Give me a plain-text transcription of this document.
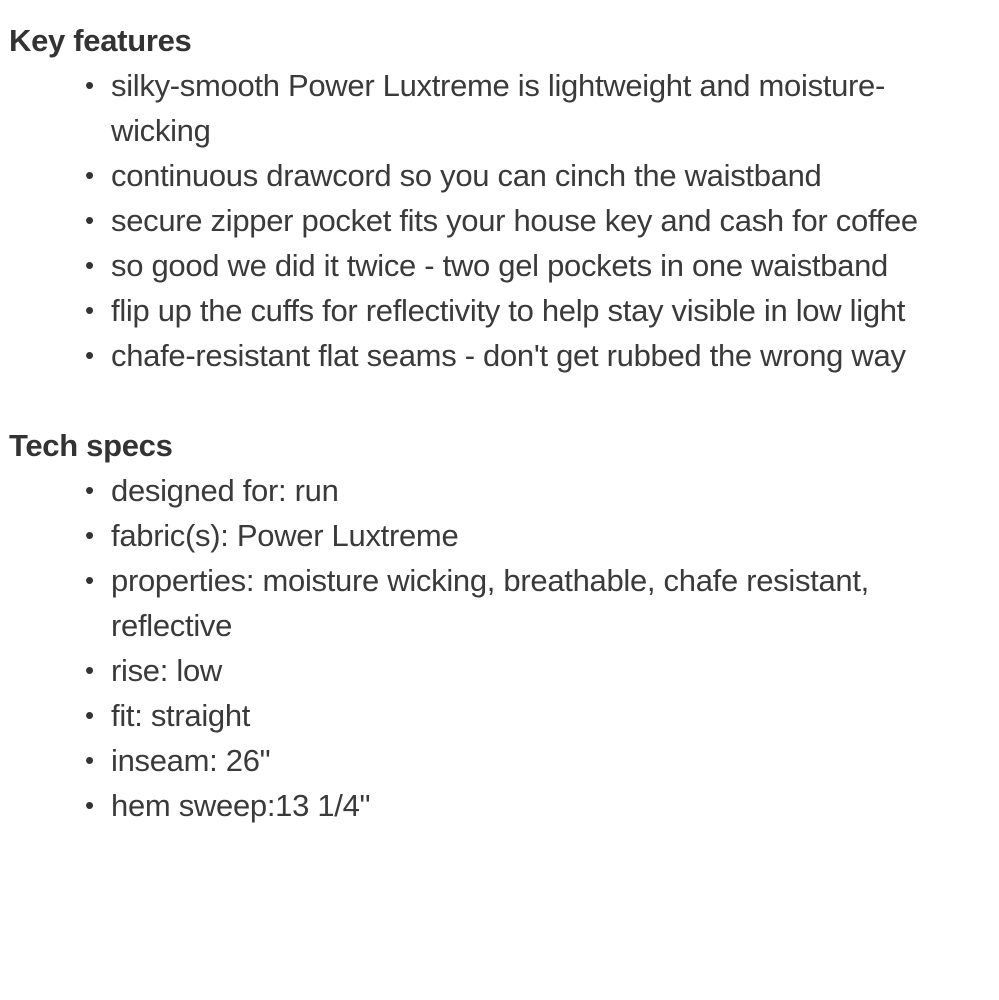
Key features
• silky-smooth Power Luxtreme is lightweight and moisture-wicking
• continuous drawcord so you can cinch the waistband
• secure zipper pocket fits your house key and cash for coffee
• so good we did it twice - two gel pockets in one waistband
• flip up the cuffs for reflectivity to help stay visible in low light
• chafe-resistant flat seams - don't get rubbed the wrong way
Tech specs
• designed for: run
• fabric(s): Power Luxtreme
• properties: moisture wicking, breathable, chafe resistant, reflective
• rise: low
• fit: straight
• inseam: 26"
• hem sweep:13 1/4"
